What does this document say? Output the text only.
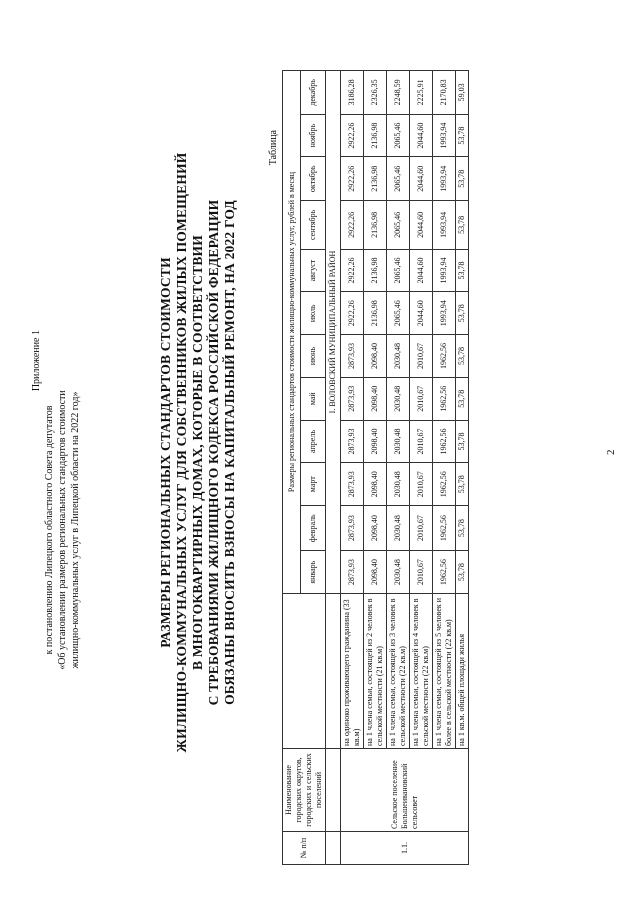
Приложение 1
к постановлению Липецкого областного Совета депутатов «Об установлении размеров региональных стандартов стоимости жилищно-коммунальных услуг в Липецкой области на 2022 год»	РАЗМЕРЫ РЕГИОНАЛЬНЫХ СТАНДАРТОВ СТОИМОСТИ ЖИЛИЩНО-КОММУНАЛЬНЫХ УСЛУГ ДЛЯ СОБСТВЕННИКОВ ЖИЛЫХ ПОМЕЩЕНИЙ В МНОГОКВАРТИРНЫХ ДОМАХ, КОТОРЫЕ В СООТВЕТСТВИИ С ТРЕБОВАНИЯМИ ЖИЛИЩНОГО КОДЕКСА РОССИЙСКОЙ ФЕДЕРАЦИИ ОБЯЗАНЫ ВНОСИТЬ ВЗНОСЫ НА КАПИТАЛЬНЫЙ РЕМОНТ, НА 2022 ГОД
Таблица
№ п/п	Наименование городских округов, городских и сельских поселений		Размеры региональных стандартов стоимости жилищно-коммунальных услуг, рублей в месяц											
			январь	февраль	март	апрель	май	июнь	июль	август	сентябрь	октябрь	ноябрь	декабрь
			I. ВОЛОВСКИЙ МУНИЦИПАЛЬНЫЙ РАЙОН											
1.1.	Сельское поселение Большеивановский сельсовет	на одиноко проживающего гражданина (33 кв.м)	2873,93	2873,93	2873,93	2873,93	2873,93	2873,93	2922,26	2922,26	2922,26	2922,26	2922,26	3186,28
		на 1 члена семьи, состоящей из 2 человек в сельской местности (21 кв.м)	2098,40	2098,40	2098,40	2098,40	2098,40	2098,40	2136,98	2136,98	2136,98	2136,98	2136,98	2326,35
		на 1 члена семьи, состоящей из 3 человек в сельской местности (22 кв.м)	2030,48	2030,48	2030,48	2030,48	2030,48	2030,48	2065,46	2065,46	2065,46	2065,46	2065,46	2248,59
		на 1 члена семьи, состоящей из 4 человек в сельской местности (22 кв.м)	2010,67	2010,67	2010,67	2010,67	2010,67	2010,67	2044,60	2044,60	2044,60	2044,60	2044,60	2225,91
		на 1 члена семьи, состоящей из 5 человек и более в сельской местности (22 кв.м)	1962,56	1962,56	1962,56	1962,56	1962,56	1962,56	1993,94	1993,94	1993,94	1993,94	1993,94	2170,83
		на 1 кв.м. общей площади жилья	53,78	53,78	53,78	53,78	53,78	53,78	53,78	53,78	53,78	53,78	53,78	59,03
2
